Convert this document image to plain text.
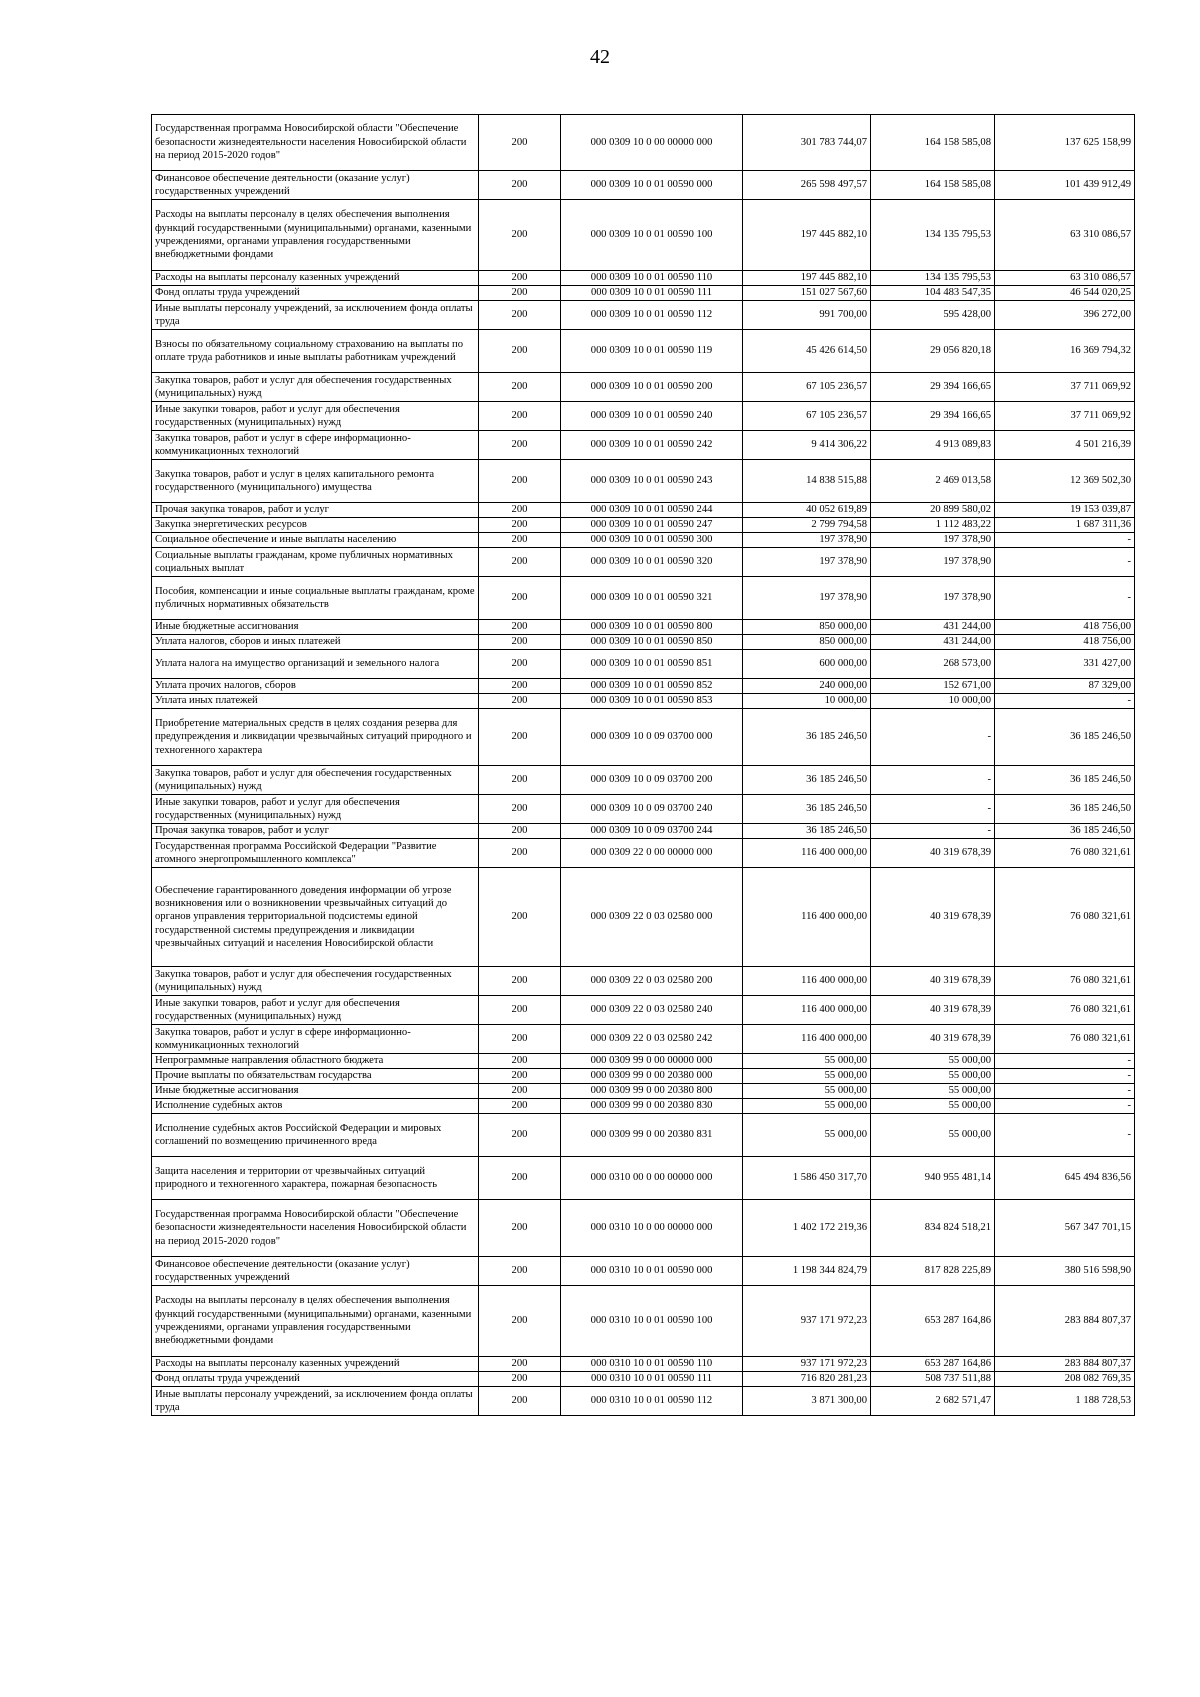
42
Государственная программа Новосибирской области "Обеспечение безопасности жизнедеятельности населения Новосибирской области на период 2015-2020 годов"	200	000 0309 10 0 00 00000 000	301 783 744,07	164 158 585,08	137 625 158,99
Финансовое обеспечение деятельности (оказание услуг) государственных учреждений	200	000 0309 10 0 01 00590 000	265 598 497,57	164 158 585,08	101 439 912,49
Расходы на выплаты персоналу в целях обеспечения выполнения функций государственными (муниципальными) органами, казенными учреждениями, органами управления государственными внебюджетными фондами	200	000 0309 10 0 01 00590 100	197 445 882,10	134 135 795,53	63 310 086,57
Расходы на выплаты персоналу казенных учреждений	200	000 0309 10 0 01 00590 110	197 445 882,10	134 135 795,53	63 310 086,57
Фонд оплаты труда учреждений	200	000 0309 10 0 01 00590 111	151 027 567,60	104 483 547,35	46 544 020,25
Иные выплаты персоналу учреждений, за исключением фонда оплаты труда	200	000 0309 10 0 01 00590 112	991 700,00	595 428,00	396 272,00
Взносы по обязательному социальному страхованию на выплаты по оплате труда работников и иные выплаты работникам учреждений	200	000 0309 10 0 01 00590 119	45 426 614,50	29 056 820,18	16 369 794,32
Закупка товаров, работ и услуг для обеспечения государственных (муниципальных) нужд	200	000 0309 10 0 01 00590 200	67 105 236,57	29 394 166,65	37 711 069,92
Иные закупки товаров, работ и услуг для обеспечения государственных (муниципальных) нужд	200	000 0309 10 0 01 00590 240	67 105 236,57	29 394 166,65	37 711 069,92
Закупка товаров, работ и услуг в сфере информационно-коммуникационных технологий	200	000 0309 10 0 01 00590 242	9 414 306,22	4 913 089,83	4 501 216,39
Закупка товаров, работ и услуг в целях капитального ремонта государственного (муниципального) имущества	200	000 0309 10 0 01 00590 243	14 838 515,88	2 469 013,58	12 369 502,30
Прочая закупка товаров, работ и услуг	200	000 0309 10 0 01 00590 244	40 052 619,89	20 899 580,02	19 153 039,87
Закупка энергетических ресурсов	200	000 0309 10 0 01 00590 247	2 799 794,58	1 112 483,22	1 687 311,36
Социальное обеспечение и иные выплаты населению	200	000 0309 10 0 01 00590 300	197 378,90	197 378,90	-
Социальные выплаты гражданам, кроме публичных нормативных социальных выплат	200	000 0309 10 0 01 00590 320	197 378,90	197 378,90	-
Пособия, компенсации и иные социальные выплаты гражданам, кроме публичных нормативных обязательств	200	000 0309 10 0 01 00590 321	197 378,90	197 378,90	-
Иные бюджетные ассигнования	200	000 0309 10 0 01 00590 800	850 000,00	431 244,00	418 756,00
Уплата налогов, сборов и иных платежей	200	000 0309 10 0 01 00590 850	850 000,00	431 244,00	418 756,00
Уплата налога на имущество организаций и земельного налога	200	000 0309 10 0 01 00590 851	600 000,00	268 573,00	331 427,00
Уплата прочих налогов, сборов	200	000 0309 10 0 01 00590 852	240 000,00	152 671,00	87 329,00
Уплата иных платежей	200	000 0309 10 0 01 00590 853	10 000,00	10 000,00	-
Приобретение материальных средств в целях создания резерва для предупреждения и ликвидации чрезвычайных ситуаций природного и техногенного характера	200	000 0309 10 0 09 03700 000	36 185 246,50	-	36 185 246,50
Закупка товаров, работ и услуг для обеспечения государственных (муниципальных) нужд	200	000 0309 10 0 09 03700 200	36 185 246,50	-	36 185 246,50
Иные закупки товаров, работ и услуг для обеспечения государственных (муниципальных) нужд	200	000 0309 10 0 09 03700 240	36 185 246,50	-	36 185 246,50
Прочая закупка товаров, работ и услуг	200	000 0309 10 0 09 03700 244	36 185 246,50	-	36 185 246,50
Государственная программа Российской Федерации "Развитие атомного энергопромышленного комплекса"	200	000 0309 22 0 00 00000 000	116 400 000,00	40 319 678,39	76 080 321,61
Обеспечение гарантированного доведения информации об угрозе возникновения или о возникновении чрезвычайных ситуаций до органов управления территориальной подсистемы единой государственной системы предупреждения и ликвидации чрезвычайных ситуаций и населения Новосибирской области	200	000 0309 22 0 03 02580 000	116 400 000,00	40 319 678,39	76 080 321,61
Закупка товаров, работ и услуг для обеспечения государственных (муниципальных) нужд	200	000 0309 22 0 03 02580 200	116 400 000,00	40 319 678,39	76 080 321,61
Иные закупки товаров, работ и услуг для обеспечения государственных (муниципальных) нужд	200	000 0309 22 0 03 02580 240	116 400 000,00	40 319 678,39	76 080 321,61
Закупка товаров, работ и услуг в сфере информационно-коммуникационных технологий	200	000 0309 22 0 03 02580 242	116 400 000,00	40 319 678,39	76 080 321,61
Непрограммные направления областного бюджета	200	000 0309 99 0 00 00000 000	55 000,00	55 000,00	-
Прочие выплаты по обязательствам государства	200	000 0309 99 0 00 20380 000	55 000,00	55 000,00	-
Иные бюджетные ассигнования	200	000 0309 99 0 00 20380 800	55 000,00	55 000,00	-
Исполнение судебных актов	200	000 0309 99 0 00 20380 830	55 000,00	55 000,00	-
Исполнение судебных актов Российской Федерации и мировых соглашений по возмещению причиненного вреда	200	000 0309 99 0 00 20380 831	55 000,00	55 000,00	-
Защита населения и территории от чрезвычайных ситуаций природного и техногенного характера, пожарная безопасность	200	000 0310 00 0 00 00000 000	1 586 450 317,70	940 955 481,14	645 494 836,56
Государственная программа Новосибирской области "Обеспечение безопасности жизнедеятельности населения Новосибирской области на период 2015-2020 годов"	200	000 0310 10 0 00 00000 000	1 402 172 219,36	834 824 518,21	567 347 701,15
Финансовое обеспечение деятельности (оказание услуг) государственных учреждений	200	000 0310 10 0 01 00590 000	1 198 344 824,79	817 828 225,89	380 516 598,90
Расходы на выплаты персоналу в целях обеспечения выполнения функций государственными (муниципальными) органами, казенными учреждениями, органами управления государственными внебюджетными фондами	200	000 0310 10 0 01 00590 100	937 171 972,23	653 287 164,86	283 884 807,37
Расходы на выплаты персоналу казенных учреждений	200	000 0310 10 0 01 00590 110	937 171 972,23	653 287 164,86	283 884 807,37
Фонд оплаты труда учреждений	200	000 0310 10 0 01 00590 111	716 820 281,23	508 737 511,88	208 082 769,35
Иные выплаты персоналу учреждений, за исключением фонда оплаты труда	200	000 0310 10 0 01 00590 112	3 871 300,00	2 682 571,47	1 188 728,53
